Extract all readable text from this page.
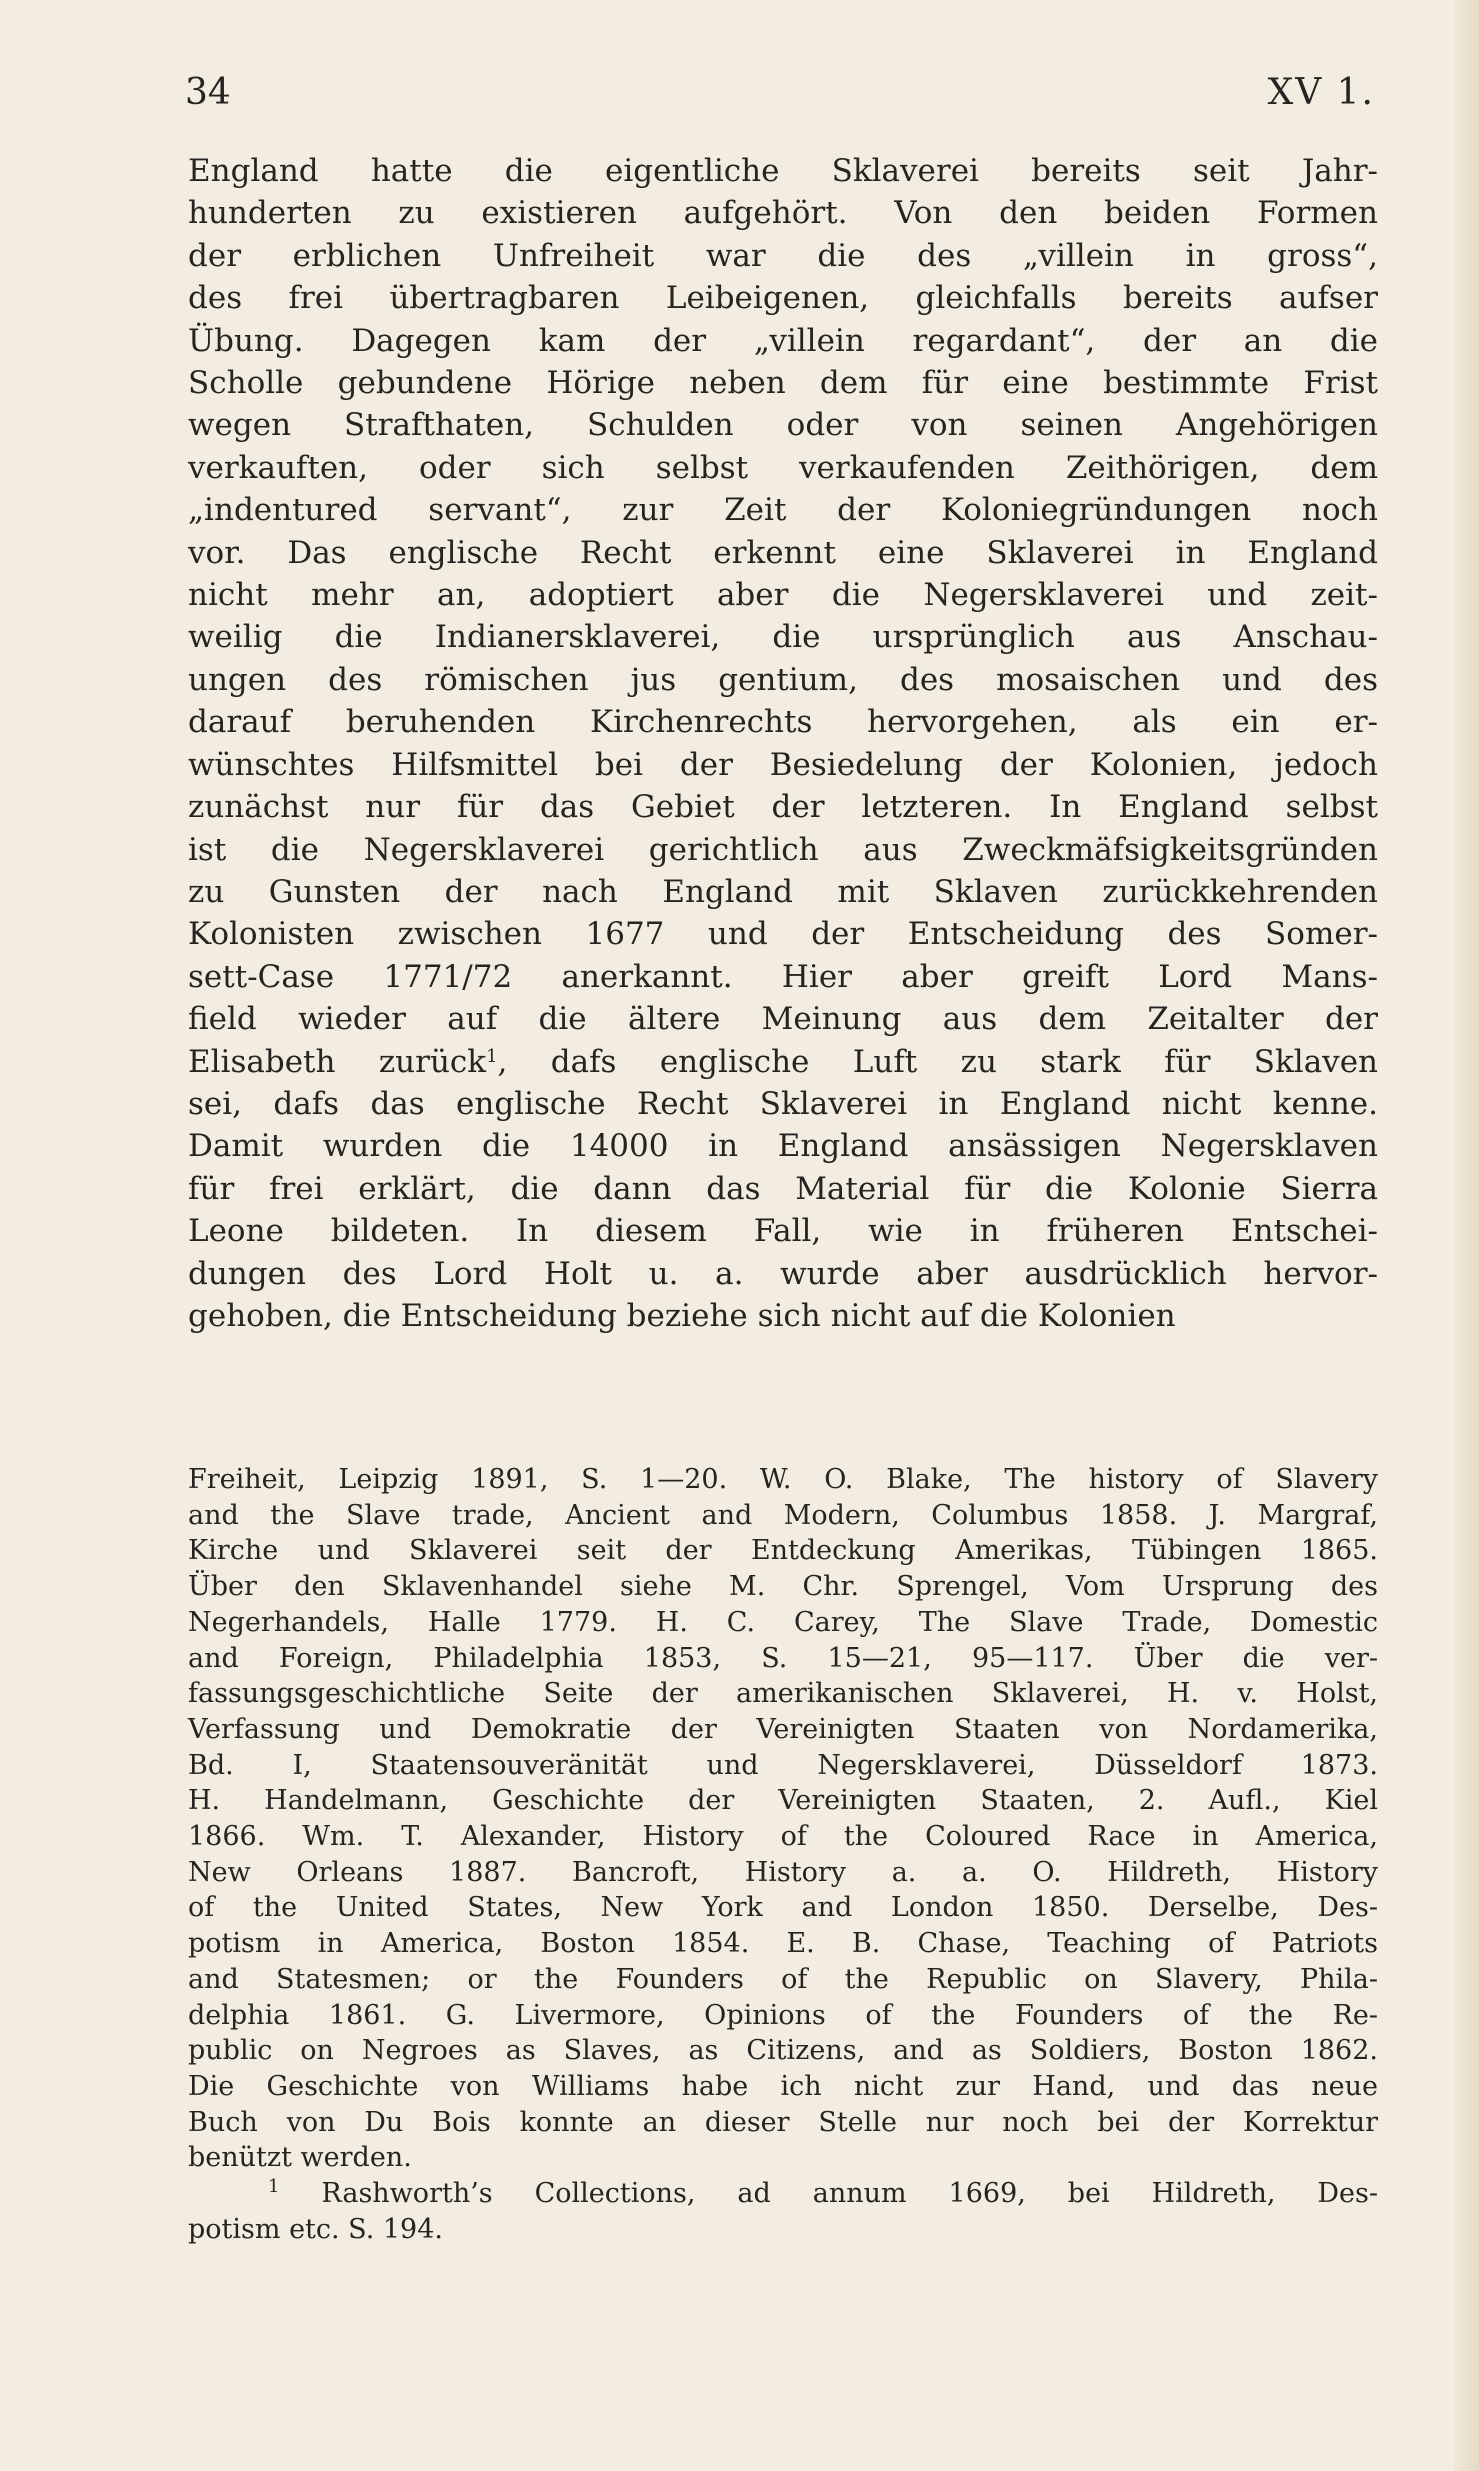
34	XV 1.
England hatte die eigentliche Sklaverei bereits seit Jahr-
hunderten zu existieren aufgehört. Von den beiden Formen
der erblichen Unfreiheit war die des „villein in gross“,
des frei übertragbaren Leibeigenen, gleichfalls bereits aufser
Übung. Dagegen kam der „villein regardant“, der an die
Scholle gebundene Hörige neben dem für eine bestimmte Frist
wegen Strafthaten, Schulden oder von seinen Angehörigen
verkauften, oder sich selbst verkaufenden Zeithörigen, dem
„indentured servant“, zur Zeit der Koloniegründungen noch
vor. Das englische Recht erkennt eine Sklaverei in England
nicht mehr an, adoptiert aber die Negersklaverei und zeit-
weilig die Indianersklaverei, die ursprünglich aus Anschau-
ungen des römischen jus gentium, des mosaischen und des
darauf beruhenden Kirchenrechts hervorgehen, als ein er-
wünschtes Hilfsmittel bei der Besiedelung der Kolonien, jedoch
zunächst nur für das Gebiet der letzteren. In England selbst
ist die Negersklaverei gerichtlich aus Zweckmäfsigkeitsgründen
zu Gunsten der nach England mit Sklaven zurückkehrenden
Kolonisten zwischen 1677 und der Entscheidung des Somer-
sett-Case 1771/72 anerkannt. Hier aber greift Lord Mans-
field wieder auf die ältere Meinung aus dem Zeitalter der
Elisabeth zurück$^1$, dafs englische Luft zu stark für Sklaven
sei, dafs das englische Recht Sklaverei in England nicht kenne.
Damit wurden die 14000 in England ansässigen Negersklaven
für frei erklärt, die dann das Material für die Kolonie Sierra
Leone bildeten. In diesem Fall, wie in früheren Entschei-
dungen des Lord Holt u. a. wurde aber ausdrücklich hervor-
gehoben, die Entscheidung beziehe sich nicht auf die Kolonien
Freiheit, Leipzig 1891, S. 1—20. W. O. Blake, The history of Slavery
and the Slave trade, Ancient and Modern, Columbus 1858. J. Margraf,
Kirche und Sklaverei seit der Entdeckung Amerikas, Tübingen 1865.
Über den Sklavenhandel siehe M. Chr. Sprengel, Vom Ursprung des
Negerhandels, Halle 1779. H. C. Carey, The Slave Trade, Domestic
and Foreign, Philadelphia 1853, S. 15—21, 95—117. Über die ver-
fassungsgeschichtliche Seite der amerikanischen Sklaverei, H. v. Holst,
Verfassung und Demokratie der Vereinigten Staaten von Nordamerika,
Bd. I, Staatensouveränität und Negersklaverei, Düsseldorf 1873.
H. Handelmann, Geschichte der Vereinigten Staaten, 2. Aufl., Kiel
1866. Wm. T. Alexander, History of the Coloured Race in America,
New Orleans 1887. Bancroft, History a. a. O. Hildreth, History
of the United States, New York and London 1850. Derselbe, Des-
potism in America, Boston 1854. E. B. Chase, Teaching of Patriots
and Statesmen; or the Founders of the Republic on Slavery, Phila-
delphia 1861. G. Livermore, Opinions of the Founders of the Re-
public on Negroes as Slaves, as Citizens, and as Soldiers, Boston 1862.
Die Geschichte von Williams habe ich nicht zur Hand, und das neue
Buch von Du Bois konnte an dieser Stelle nur noch bei der Korrektur
benützt werden.
$^1$ Rashworth’s Collections, ad annum 1669, bei Hildreth, Des-
potism etc. S. 194.
